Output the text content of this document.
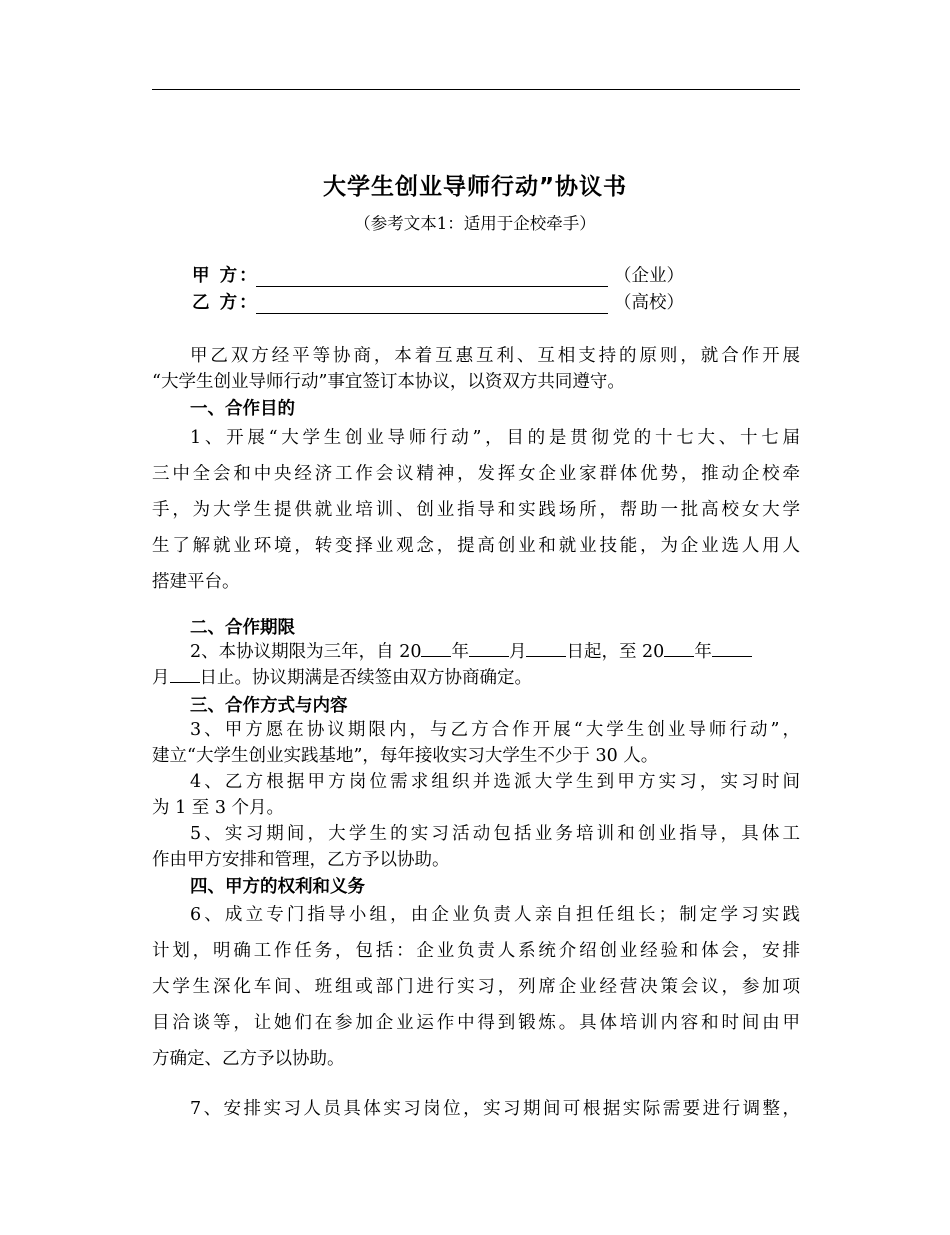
大学生创业导师行动”协议书
（参考文本1：适用于企校牵手）
甲 方：	（企业）
乙 方：	（高校）
甲乙双方经平等协商，本着互惠互利、互相支持的原则，就合作开展
“大学生创业导师行动”事宜签订本协议，以资双方共同遵守。
一、合作目的
1、开展“大学生创业导师行动”，目的是贯彻党的十七大、十七届
三中全会和中央经济工作会议精神，发挥女企业家群体优势，推动企校牵
手，为大学生提供就业培训、创业指导和实践场所，帮助一批高校女大学
生了解就业环境，转变择业观念，提高创业和就业技能，为企业选人用人
搭建平台。
二、合作期限
2、本协议期限为三年，自 20 年 月 日起，至 20 年
月 日止。协议期满是否续签由双方协商确定。
三、合作方式与内容
3、甲方愿在协议期限内，与乙方合作开展“大学生创业导师行动”，
建立“大学生创业实践基地”，每年接收实习大学生不少于 30 人。
4、乙方根据甲方岗位需求组织并选派大学生到甲方实习，实习时间
为 1 至 3 个月。
5、实习期间，大学生的实习活动包括业务培训和创业指导，具体工
作由甲方安排和管理，乙方予以协助。
四、甲方的权利和义务
6、成立专门指导小组，由企业负责人亲自担任组长；制定学习实践
计划，明确工作任务，包括：企业负责人系统介绍创业经验和体会，安排
大学生深化车间、班组或部门进行实习，列席企业经营决策会议，参加项
目洽谈等，让她们在参加企业运作中得到锻炼。具体培训内容和时间由甲
方确定、乙方予以协助。
7、安排实习人员具体实习岗位，实习期间可根据实际需要进行调整，
